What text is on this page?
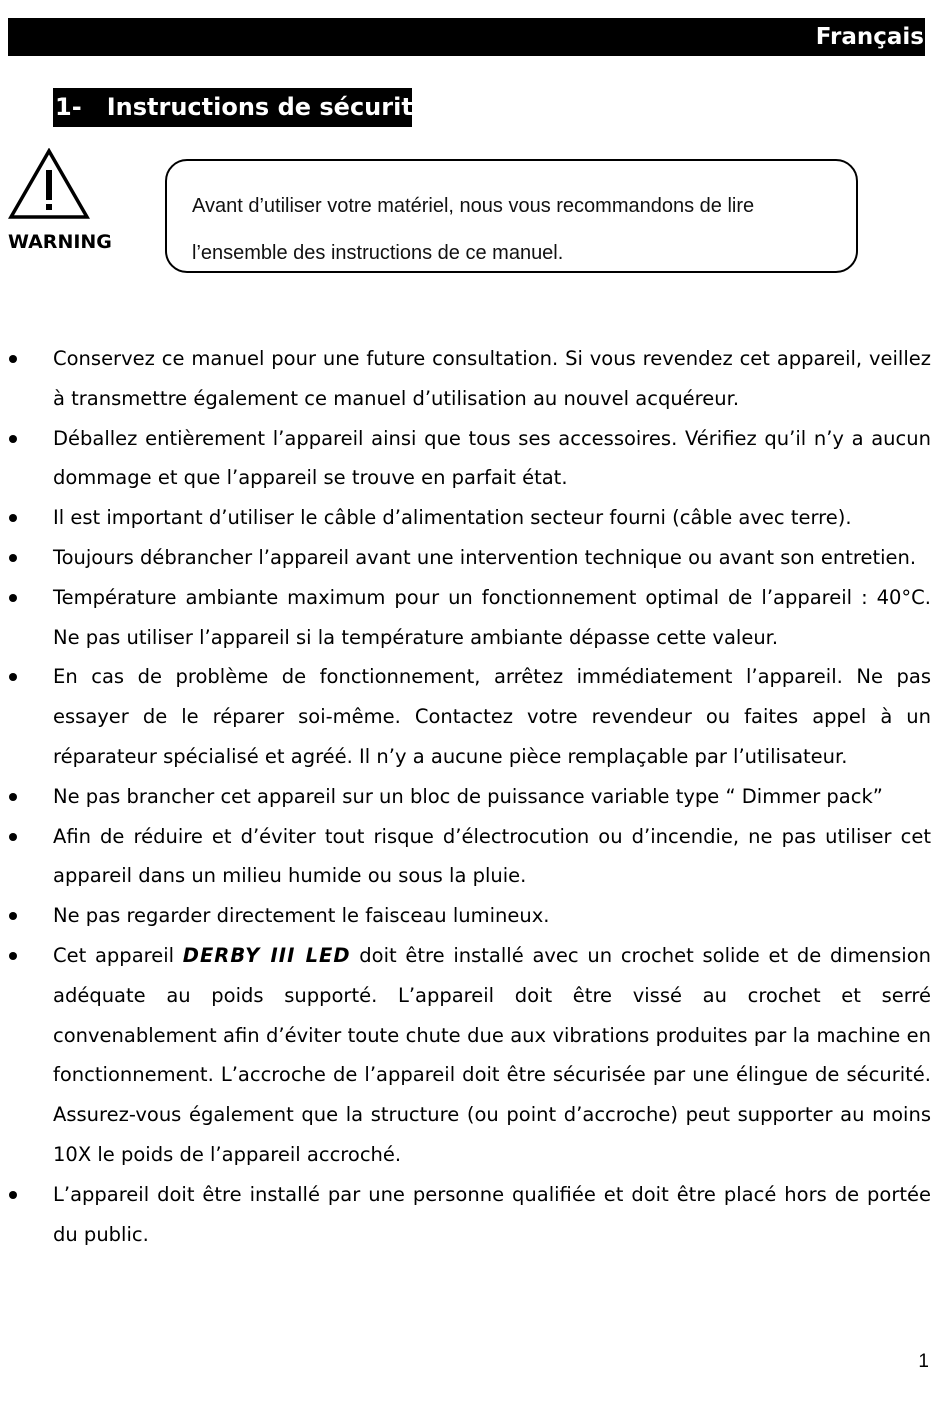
Français
1-   Instructions de sécurité
WARNING

Avant d’utiliser votre matériel, nous vous recommandons de lire

l’ensemble des instructions de ce manuel.

Conservez ce manuel pour une future consultation. Si vous revendez cet appareil, veillez à transmettre également ce manuel d’utilisation au nouvel acquéreur.
Déballez entièrement l’appareil ainsi que tous ses accessoires. Vérifiez qu’il n’y a aucun dommage et que l’appareil se trouve en parfait état.
Il est important d’utiliser le câble d’alimentation secteur fourni (câble avec terre).
Toujours débrancher l’appareil avant une intervention technique ou avant son entretien.
Température ambiante maximum pour un fonctionnement optimal de l’appareil : 40°C. Ne pas utiliser l’appareil si la température ambiante dépasse cette valeur.
En cas de problème de fonctionnement, arrêtez immédiatement l’appareil. Ne pas essayer de le réparer soi-même. Contactez votre revendeur ou faites appel à un réparateur spécialisé et agréé. Il n’y a aucune pièce remplaçable par l’utilisateur.
Ne pas brancher cet appareil sur un bloc de puissance variable type “ Dimmer pack”
Afin de réduire et d’éviter tout risque d’électrocution ou d’incendie, ne pas utiliser cet appareil dans un milieu humide ou sous la pluie.
Ne pas regarder directement le faisceau lumineux.
Cet appareil DERBY III LED doit être installé avec un crochet solide et de dimension adéquate au poids supporté. L’appareil doit être vissé au crochet et serré convenablement afin d’éviter toute chute due aux vibrations produites par la machine en fonctionnement. L’accroche de l’appareil doit être sécurisée par une élingue de sécurité. Assurez-vous également que la structure (ou point d’accroche) peut supporter au moins 10X le poids de l’appareil accroché.
L’appareil doit être installé par une personne qualifiée et doit être placé hors de portée du public.
1
